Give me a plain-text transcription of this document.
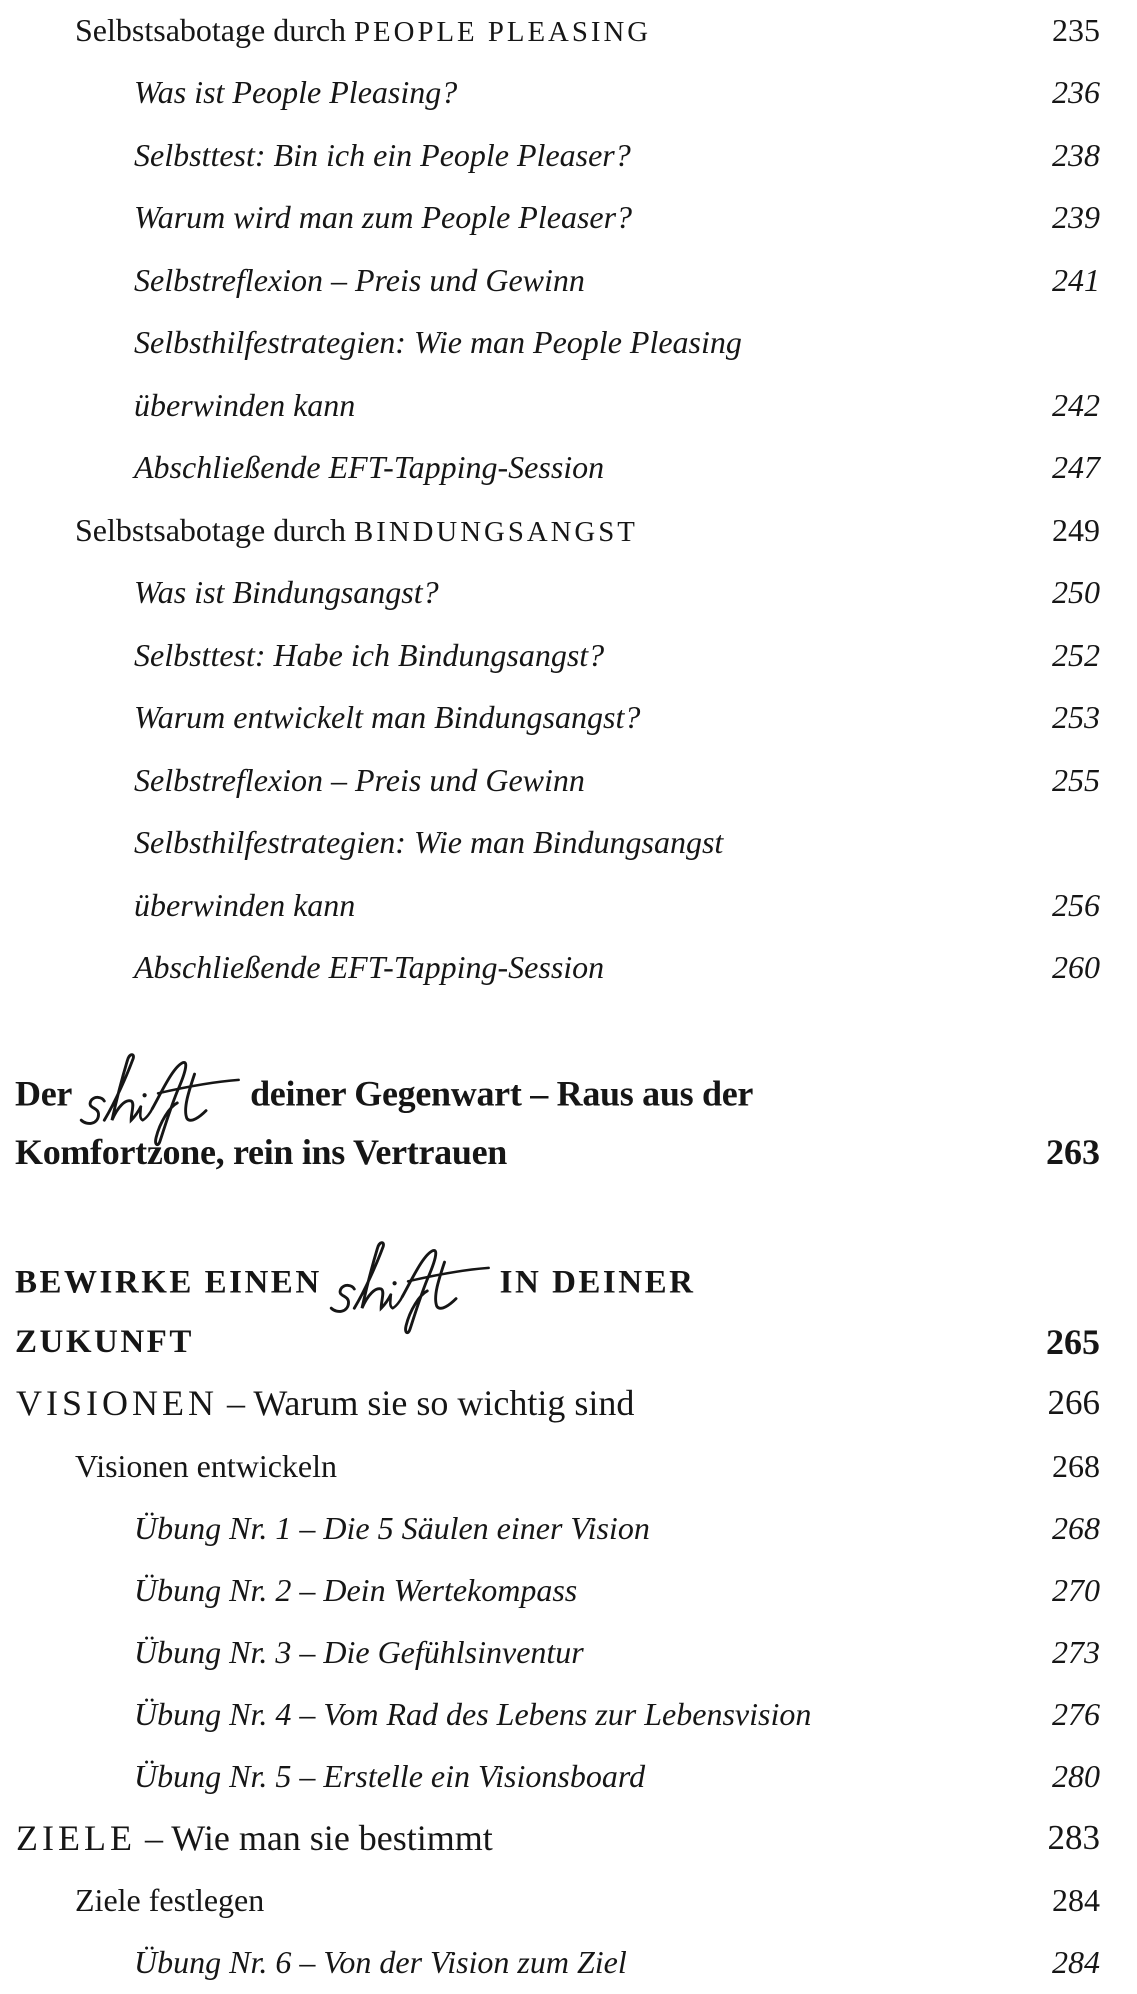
Selbstsabotage durch PEOPLE PLEASING	235
Was ist People Pleasing?	236
Selbsttest: Bin ich ein People Pleaser?	238
Warum wird man zum People Pleaser?	239
Selbstreflexion – Preis und Gewinn	241
Selbsthilfestrategien: Wie man People Pleasing
überwinden kann	242
Abschließende EFT-Tapping-Session	247
Selbstsabotage durch BINDUNGSANGST	249
Was ist Bindungsangst?	250
Selbsttest: Habe ich Bindungsangst?	252
Warum entwickelt man Bindungsangst?	253
Selbstreflexion – Preis und Gewinn	255
Selbsthilfestrategien: Wie man Bindungsangst
überwinden kann	256
Abschließende EFT-Tapping-Session	260
Der	deiner Gegenwart – Raus aus der
Komfortzone, rein ins Vertrauen	263
BEWIRKE EINEN	IN DEINER
ZUKUNFT	265
VISIONEN – Warum sie so wichtig sind	266
Visionen entwickeln	268
Übung Nr. 1 – Die 5 Säulen einer Vision	268
Übung Nr. 2 – Dein Wertekompass	270
Übung Nr. 3 – Die Gefühlsinventur	273
Übung Nr. 4 – Vom Rad des Lebens zur Lebensvision	276
Übung Nr. 5 – Erstelle ein Visionsboard	280
ZIELE – Wie man sie bestimmt	283
Ziele festlegen	284
Übung Nr. 6 – Von der Vision zum Ziel	284
